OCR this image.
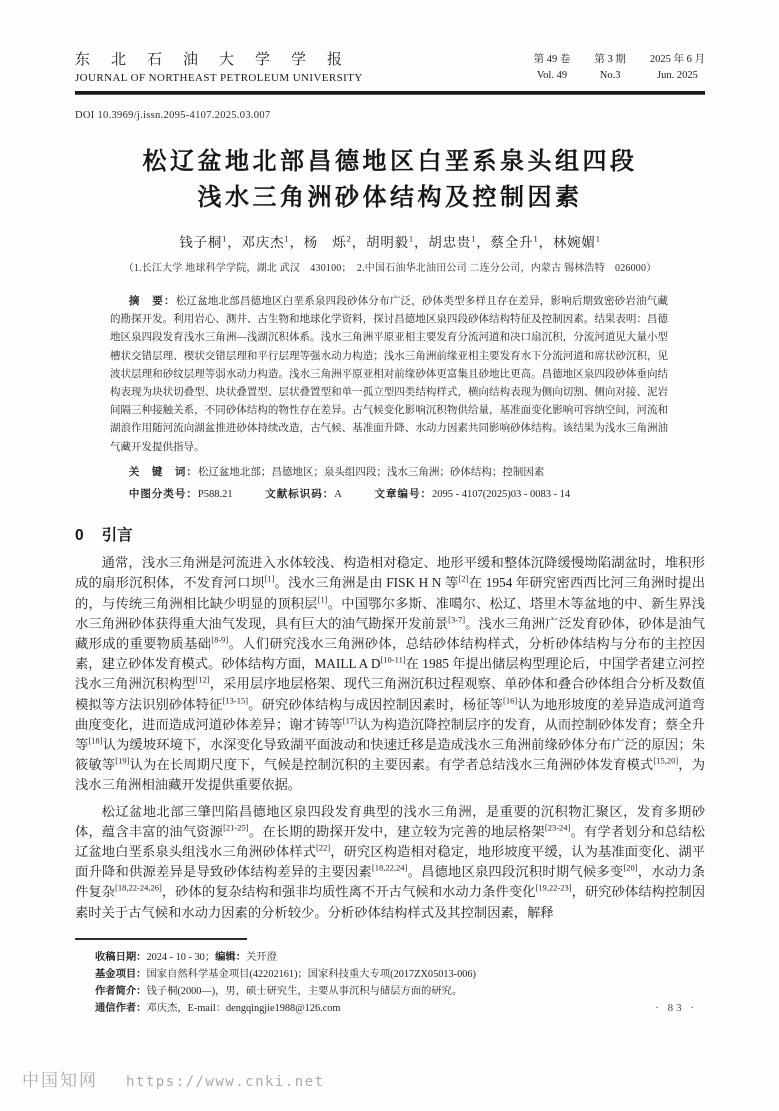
东北石油大学学报
JOURNAL OF NORTHEAST PETROLEUM UNIVERSITY
第 49 卷
Vol. 49
第 3 期
No.3
2025 年 6 月
Jun. 2025
DOI 10.3969/j.issn.2095-4107.2025.03.007
松辽盆地北部昌德地区白垩系泉头组四段
浅水三角洲砂体结构及控制因素
钱子桐$^1$，邓庆杰$^1$，杨　烁$^2$，胡明毅$^1$，胡忠贵$^1$，蔡全升$^1$，林婉媚$^1$
（1.长江大学 地球科学学院，湖北 武汉　430100；　2.中国石油华北油田公司 二连分公司，内蒙古 锡林浩特　026000）

摘　要：松辽盆地北部昌德地区白垩系泉四段砂体分布广泛，砂体类型多样且存在差异，影响后期致密砂岩油气藏的勘探开发。利用岩心、测井、古生物和地球化学资料，探讨昌德地区泉四段砂体结构特征及控制因素。结果表明：昌德地区泉四段发育浅水三角洲—浅湖沉积体系。浅水三角洲平原亚相主要发育分流河道和决口扇沉积，分流河道见大量小型槽状交错层理、楔状交错层理和平行层理等强水动力构造；浅水三角洲前缘亚相主要发育水下分流河道和席状砂沉积，见波状层理和砂纹层理等弱水动力构造。浅水三角洲平原亚相对前缘砂体更富集且砂地比更高。昌德地区泉四段砂体垂向结构表现为块状切叠型、块状叠置型、层状叠置型和单一孤立型四类结构样式，横向结构表现为侧向切割、侧向对接、泥岩间隔三种接触关系，不同砂体结构的物性存在差异。古气候变化影响沉积物供给量，基准面变化影响可容纳空间，河流和湖浪作用随河流向湖盆推进砂体持续改造，古气候、基准面升降、水动力因素共同影响砂体结构。该结果为浅水三角洲油气藏开发提供指导。

关　键　词：松辽盆地北部；昌德地区；泉头组四段；浅水三角洲；砂体结构；控制因素

中图分类号：P588.21	文献标识码：A	文章编号：2095 - 4107(2025)03 - 0083 - 14

0 引言

通常，浅水三角洲是河流进入水体较浅、构造相对稳定、地形平缓和整体沉降缓慢坳陷湖盆时，堆积形成的扇形沉积体，不发育河口坝[1]。浅水三角洲是由 FISK H N 等[2]在 1954 年研究密西西比河三角洲时提出的，与传统三角洲相比缺少明显的顶积层[1]。中国鄂尔多斯、准噶尔、松辽、塔里木等盆地的中、新生界浅水三角洲砂体获得重大油气发现，具有巨大的油气勘探开发前景[3-7]。浅水三角洲广泛发育砂体，砂体是油气藏形成的重要物质基础[8-9]。人们研究浅水三角洲砂体，总结砂体结构样式，分析砂体结构与分布的主控因素，建立砂体发育模式。砂体结构方面，MAILL A D[10-11]在 1985 年提出储层构型理论后，中国学者建立河控浅水三角洲沉积构型[12]，采用层序地层格架、现代三角洲沉积过程观察、单砂体和叠合砂体组合分析及数值模拟等方法识别砂体特征[13-15]。研究砂体结构与成因控制因素时，杨征等[16]认为地形坡度的差异造成河道弯曲度变化，进而造成河道砂体差异；谢才铸等[17]认为构造沉降控制层序的发育，从而控制砂体发育；蔡全升等[18]认为缓坡环境下，水深变化导致湖平面波动和快速迁移是造成浅水三角洲前缘砂体分布广泛的原因；朱筱敏等[19]认为在长周期尺度下，气候是控制沉积的主要因素。有学者总结浅水三角洲砂体发育模式[15,20]，为浅水三角洲相油藏开发提供重要依据。

松辽盆地北部三肇凹陷昌德地区泉四段发育典型的浅水三角洲，是重要的沉积物汇聚区，发育多期砂体，蕴含丰富的油气资源[21-25]。在长期的勘探开发中，建立较为完善的地层格架[23-24]。有学者划分和总结松辽盆地白垩系泉头组浅水三角洲砂体样式[22]，研究区构造相对稳定，地形坡度平缓，认为基准面变化、湖平面升降和供源差异是导致砂体结构差异的主要因素[18,22,24]。昌德地区泉四段沉积时期气候多变[20]，水动力条件复杂[18,22-24,26]，砂体的复杂结构和强非均质性离不开古气候和水动力条件变化[19,22-23]，研究砂体结构控制因素时关于古气候和水动力因素的分析较少。分析砂体结构样式及其控制因素，解释

收稿日期：2024 - 10 - 30；编辑：关开澄
基金项目：国家自然科学基金项目(42202161)；国家科技重大专项(2017ZX05013-006)
作者简介：钱子桐(2000—)，男，硕士研究生，主要从事沉积与储层方面的研究。
通信作者：邓庆杰，E-mail：dengqingjie1988@126.com	· 83 ·
中国知网 https://www.cnki.net
